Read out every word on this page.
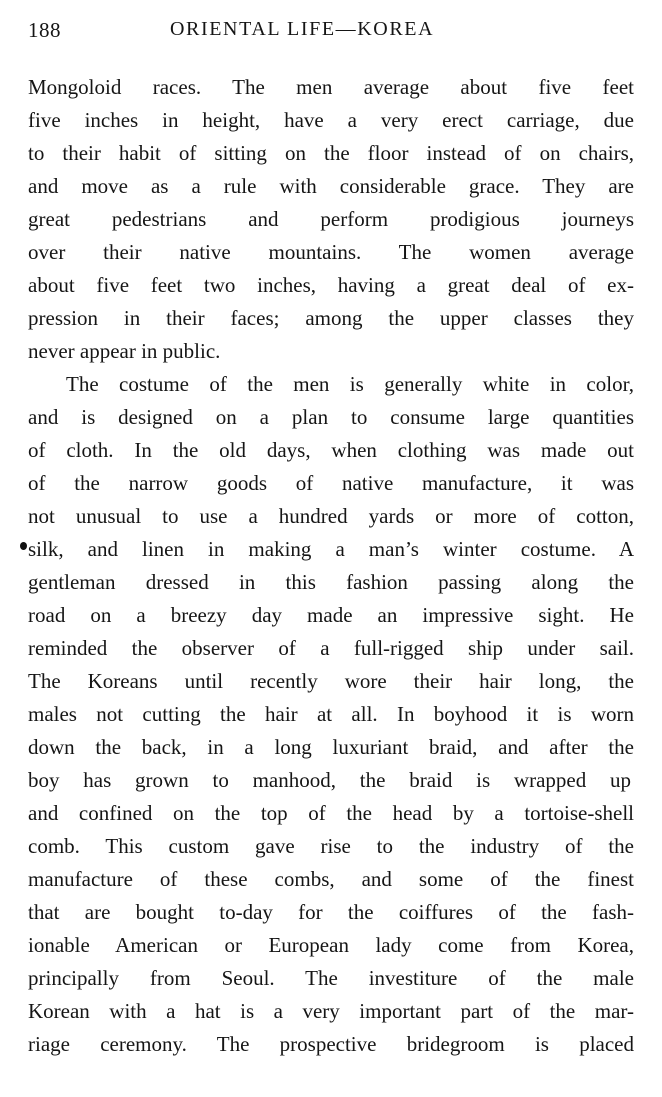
188	ORIENTAL LIFE—KOREA
Mongoloid races. The men average about five feet
five inches in height, have a very erect carriage, due
to their habit of sitting on the floor instead of on chairs,
and move as a rule with considerable grace. They are
great pedestrians and perform prodigious journeys
over their native mountains. The women average
about five feet two inches, having a great deal of ex-
pression in their faces; among the upper classes they
never appear in public.
The costume of the men is generally white in color,
and is designed on a plan to consume large quantities
of cloth. In the old days, when clothing was made out
of the narrow goods of native manufacture, it was
not unusual to use a hundred yards or more of cotton,
silk, and linen in making a man’s winter costume. A
gentleman dressed in this fashion passing along the
road on a breezy day made an impressive sight. He
reminded the observer of a full-rigged ship under sail.
The Koreans until recently wore their hair long, the
males not cutting the hair at all. In boyhood it is worn
down the back, in a long luxuriant braid, and after the
boy has grown to manhood, the braid is wrapped up
and confined on the top of the head by a tortoise-shell
comb. This custom gave rise to the industry of the
manufacture of these combs, and some of the finest
that are bought to-day for the coiffures of the fash-
ionable American or European lady come from Korea,
principally from Seoul. The investiture of the male
Korean with a hat is a very important part of the mar-
riage ceremony. The prospective bridegroom is placed
